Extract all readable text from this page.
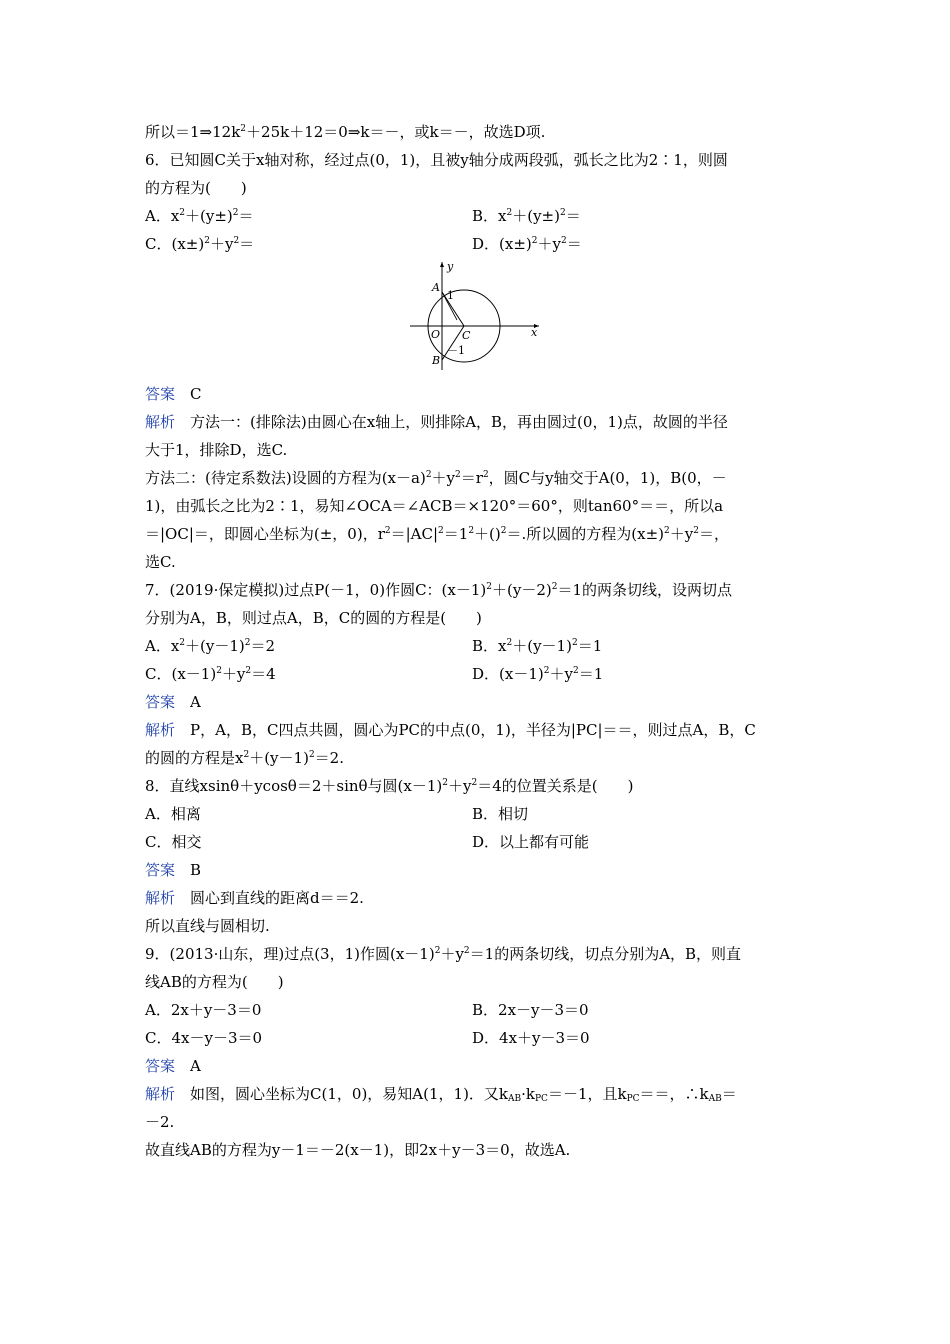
所以$=1\Rightarrow 12k^2+25k+12=0\Rightarrow k=-$，或k＝－，故选D项.
6．已知圆C关于x轴对称，经过点(0，1)，且被y轴分成两段弧，弧长之比为2∶1，则圆
的方程为(　　)
A．$x^2+(y\pm)^2=$	B．$x^2+(y\pm)^2=$
C．$(x\pm)^2+y^2=$	D．$(x\pm)^2+y^2=$
y
x
A
B
O C
1
－1
答案　 C
解析　 方法一：(排除法)由圆心在x轴上，则排除A，B，再由圆过(0，1)点，故圆的半径
大于1，排除D，选C.
方法二：(待定系数法)设圆的方程为$(x-a)^2+y^2=r^2$，圆C与y轴交于A(0，1)，B(0，－
1)，由弧长之比为2∶1，易知∠OCA＝∠ACB＝×120°＝60°，则tan60°＝＝，所以a
＝|OC|＝，即圆心坐标为(±，0)，$r^2=|AC|^2=1^2+()^2=$.所以圆的方程为$(x\pm)^2+y^2=$，
选C.
7．(2019·保定模拟)过点P(－1，0)作圆C：$(x-1)^2+(y-2)^2=1$的两条切线，设两切点
分别为A，B，则过点A，B，C的圆的方程是(　　)
A．$x^2+(y-1)^2=2$	B．$x^2+(y-1)^2=1$
C．$(x-1)^2+y^2=4$	D．$(x-1)^2+y^2=1$
答案　 A
解析　 P，A，B，C四点共圆，圆心为PC的中点(0，1)，半径为|PC|＝＝，则过点A，B，C
的圆的方程是$x^2+(y-1)^2=2$.
8．直线xsinθ＋ycosθ＝2＋sinθ与圆$(x-1)^2+y^2=4$的位置关系是(　　)
A．相离	B．相切
C．相交	D．以上都有可能
答案　 B
解析　 圆心到直线的距离d＝＝2.
所以直线与圆相切.
9．(2013·山东，理)过点(3，1)作圆$(x-1)^2+y^2=1$的两条切线，切点分别为A，B，则直
线AB的方程为(　　)
A．2x＋y－3＝0	B．2x－y－3＝0
C．4x－y－3＝0	D．4x＋y－3＝0
答案　 A
解析　 如图，圆心坐标为C(1，0)，易知A(1，1)．又$k_{AB}\cdot k_{PC}=-1$，且$k_{PC}==$，$\therefore k_{AB}=$
－2.
故直线AB的方程为y－1＝－2(x－1)，即2x＋y－3＝0，故选A.
